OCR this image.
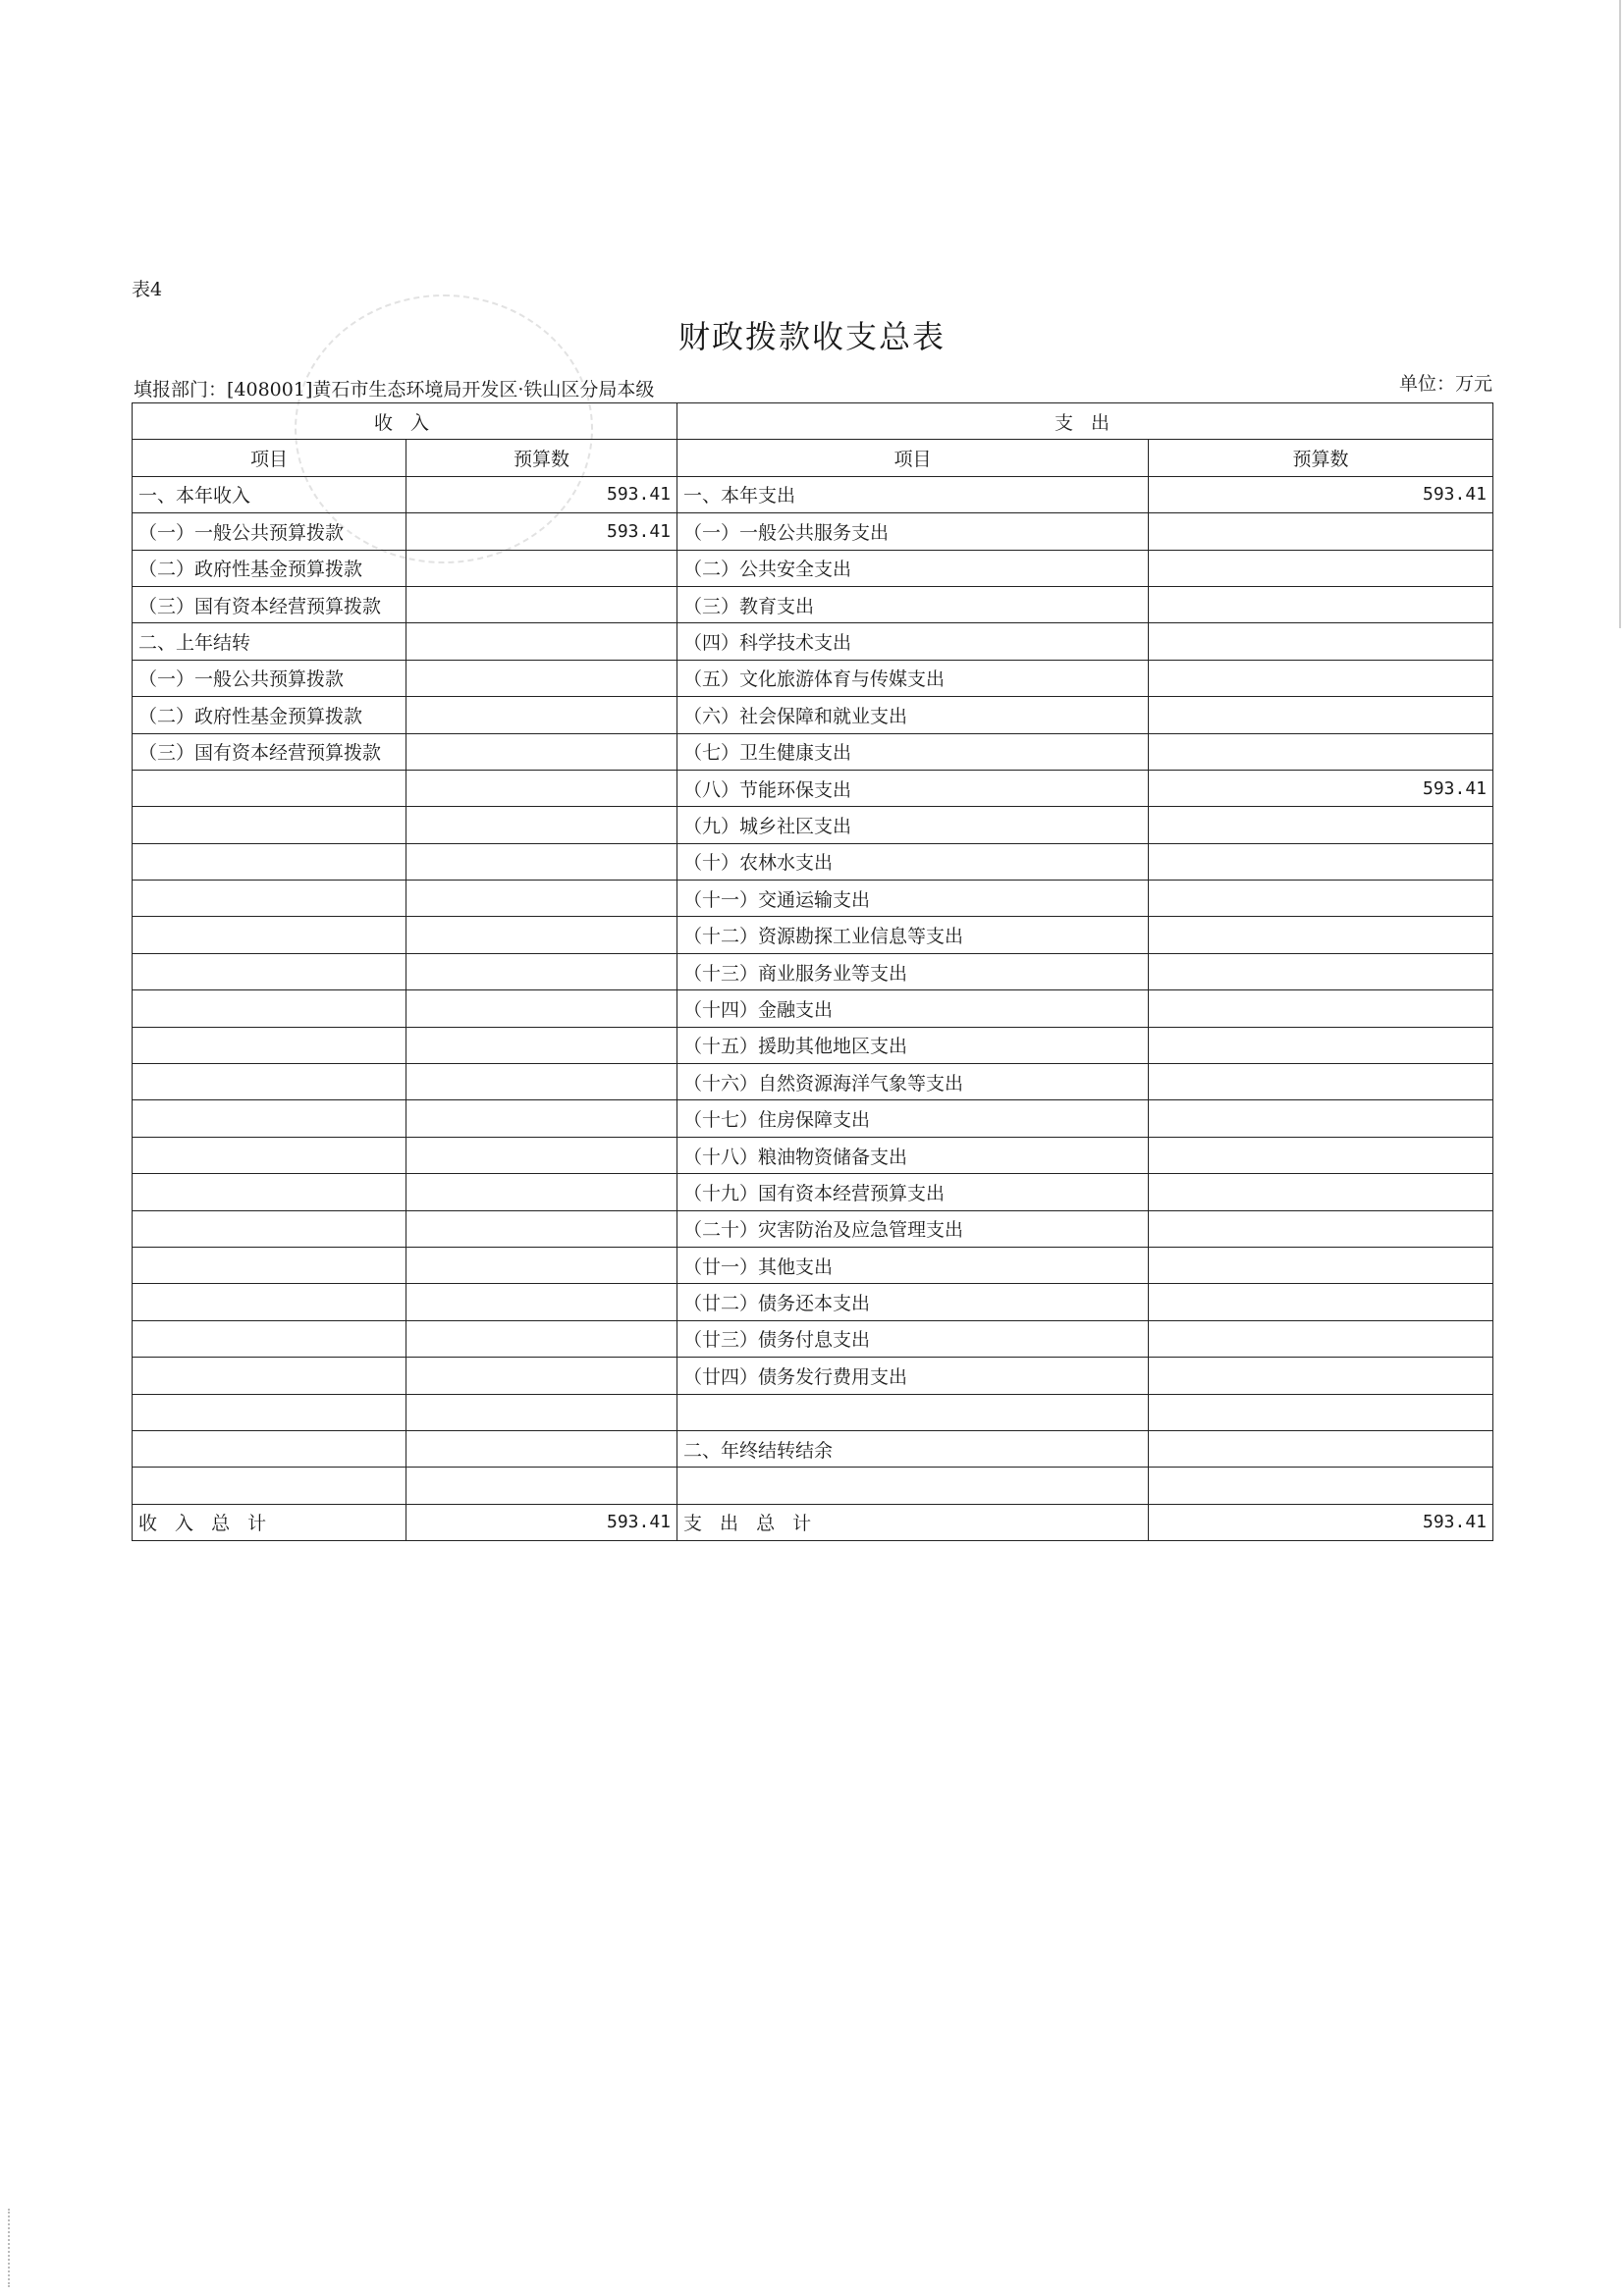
表4
财政拨款收支总表
填报部门：[408001]黄石市生态环境局开发区·铁山区分局本级	单位：万元
收 入		支 出	
项目	预算数	项目	预算数
一、本年收入	593.41	一、本年支出	593.41
（一）一般公共预算拨款	593.41	（一）一般公共服务支出	
（二）政府性基金预算拨款		（二）公共安全支出	
（三）国有资本经营预算拨款		（三）教育支出	
二、上年结转		（四）科学技术支出	
（一）一般公共预算拨款		（五）文化旅游体育与传媒支出	
（二）政府性基金预算拨款		（六）社会保障和就业支出	
（三）国有资本经营预算拨款		（七）卫生健康支出	
		（八）节能环保支出	593.41
		（九）城乡社区支出	
		（十）农林水支出	
		（十一）交通运输支出	
		（十二）资源勘探工业信息等支出	
		（十三）商业服务业等支出	
		（十四）金融支出	
		（十五）援助其他地区支出	
		（十六）自然资源海洋气象等支出	
		（十七）住房保障支出	
		（十八）粮油物资储备支出	
		（十九）国有资本经营预算支出	
		（二十）灾害防治及应急管理支出	
		（廿一）其他支出	
		（廿二）债务还本支出	
		（廿三）债务付息支出	
		（廿四）债务发行费用支出	

		二、年终结转结余	

收 入 总 计	593.41	支 出 总 计	593.41
